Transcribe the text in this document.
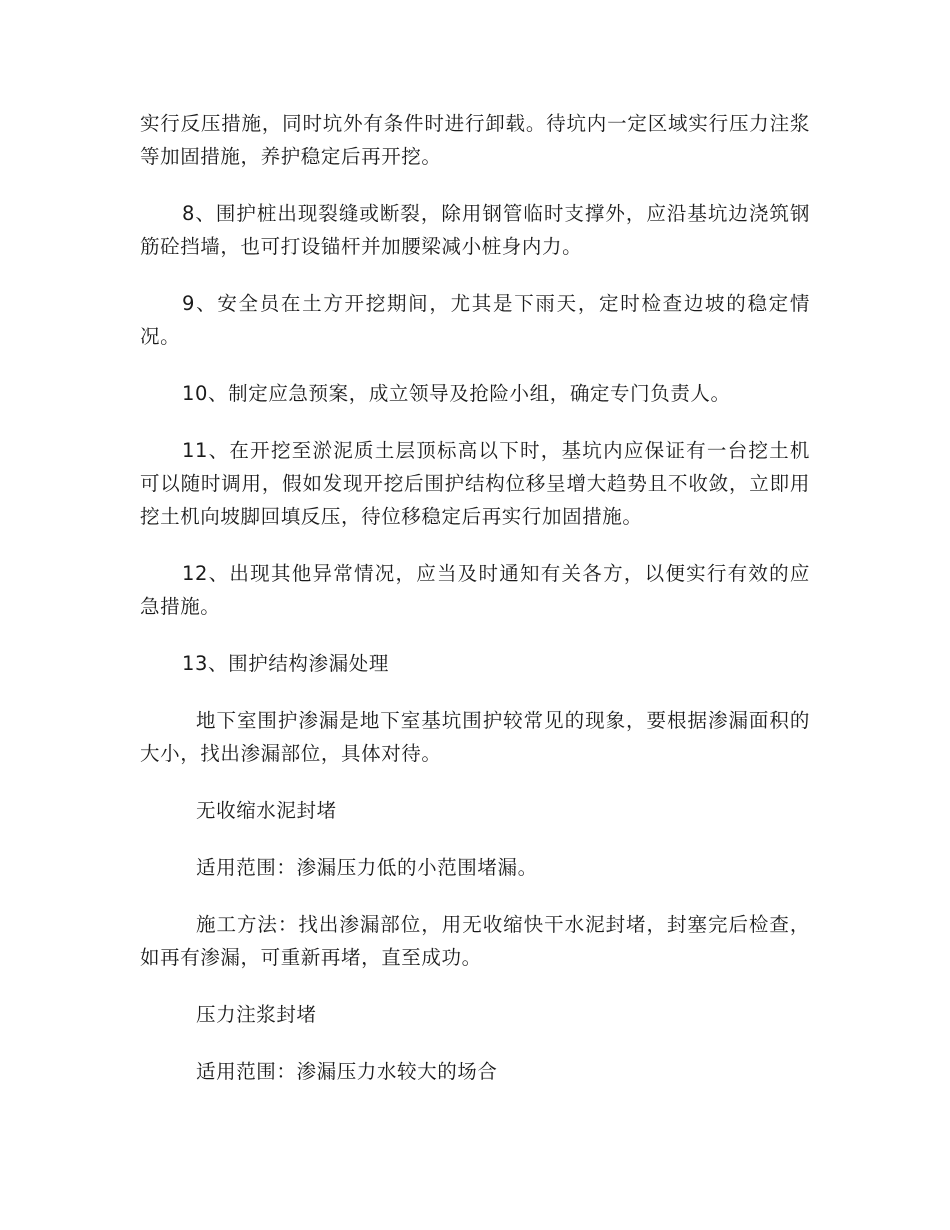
实行反压措施，同时坑外有条件时进行卸载。待坑内一定区域实行压力注浆等加固措施，养护稳定后再开挖。

8、围护桩出现裂缝或断裂，除用钢管临时支撑外，应沿基坑边浇筑钢筋砼挡墙，也可打设锚杆并加腰梁减小桩身内力。

9、安全员在土方开挖期间，尤其是下雨天，定时检查边坡的稳定情况。

10、制定应急预案，成立领导及抢险小组，确定专门负责人。

11、在开挖至淤泥质土层顶标高以下时，基坑内应保证有一台挖土机可以随时调用，假如发现开挖后围护结构位移呈增大趋势且不收敛，立即用挖土机向坡脚回填反压，待位移稳定后再实行加固措施。

12、出现其他异常情况，应当及时通知有关各方，以便实行有效的应急措施。

13、围护结构渗漏处理

地下室围护渗漏是地下室基坑围护较常见的现象，要根据渗漏面积的大小，找出渗漏部位，具体对待。

无收缩水泥封堵

适用范围：渗漏压力低的小范围堵漏。

施工方法：找出渗漏部位，用无收缩快干水泥封堵，封塞完后检查，如再有渗漏，可重新再堵，直至成功。

压力注浆封堵

适用范围：渗漏压力水较大的场合
